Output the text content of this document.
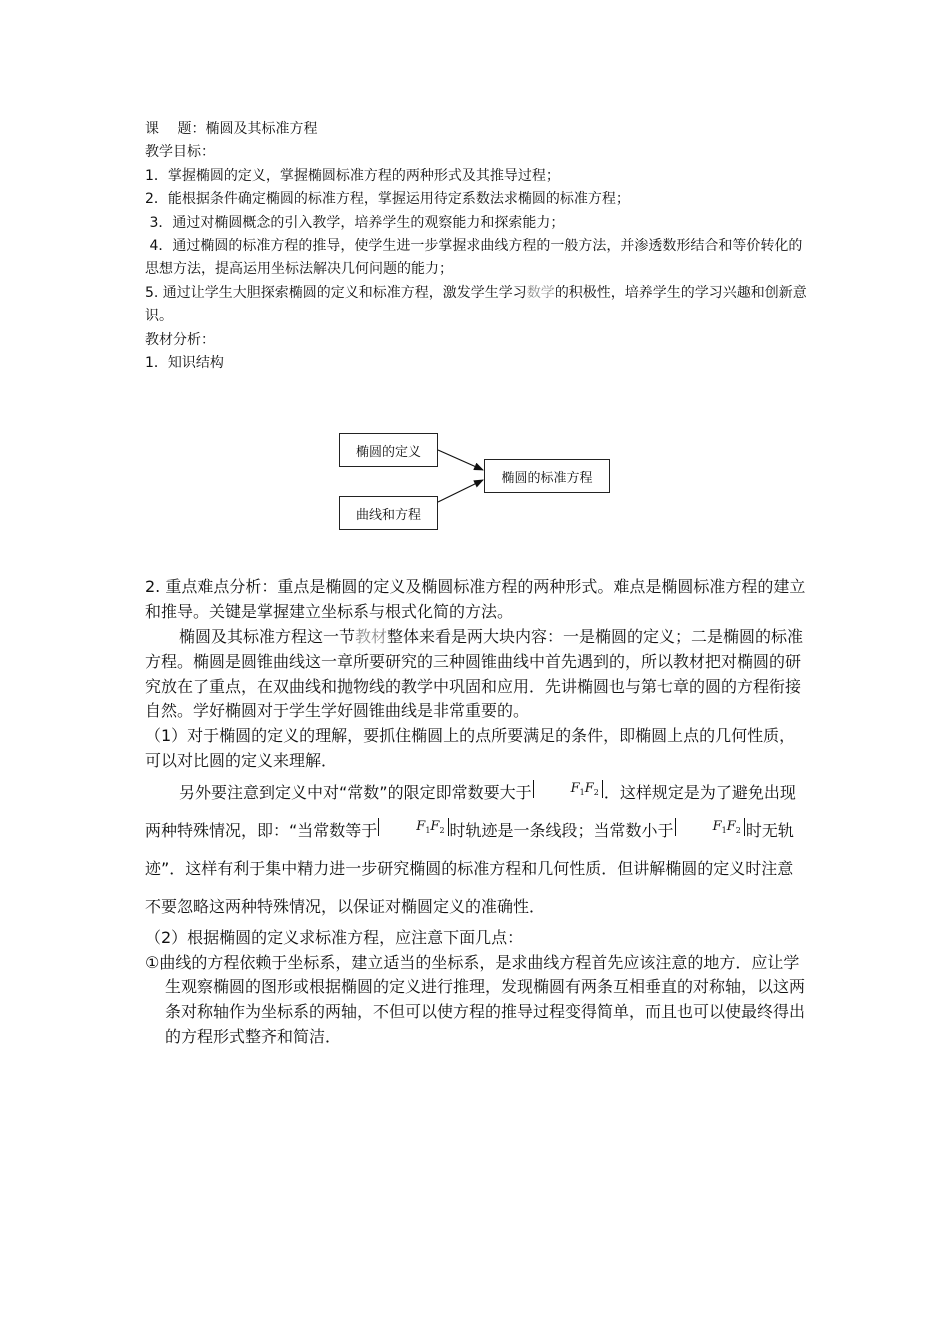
课　 题：椭圆及其标准方程

教学目标：

1．掌握椭圆的定义，掌握椭圆标准方程的两种形式及其推导过程；

2．能根据条件确定椭圆的标准方程，掌握运用待定系数法求椭圆的标准方程；

3．通过对椭圆概念的引入教学，培养学生的观察能力和探索能力；

4．通过椭圆的标准方程的推导，使学生进一步掌握求曲线方程的一般方法，并渗透数形结合和等价转化的思想方法，提高运用坐标法解决几何问题的能力；

5. 通过让学生大胆探索椭圆的定义和标准方程，激发学生学习数学的积极性，培养学生的学习兴趣和创新意识。

教材分析：

1．知识结构

椭圆的定义
曲线和方程
椭圆的标准方程

2. 重点难点分析：重点是椭圆的定义及椭圆标准方程的两种形式。难点是椭圆标准方程的建立和推导。关键是掌握建立坐标系与根式化简的方法。

椭圆及其标准方程这一节教材整体来看是两大块内容：一是椭圆的定义；二是椭圆的标准方程。椭圆是圆锥曲线这一章所要研究的三种圆锥曲线中首先遇到的，所以教材把对椭圆的研究放在了重点，在双曲线和抛物线的教学中巩固和应用．先讲椭圆也与第七章的圆的方程衔接自然。学好椭圆对于学生学好圆锥曲线是非常重要的。

（1）对于椭圆的定义的理解，要抓住椭圆上的点所要满足的条件，即椭圆上点的几何性质，可以对比圆的定义来理解．

另外要注意到定义中对“常数”的限定即常数要大于	$F_1F_2$ ．这样规定是为了避免出现两种特殊情况，即：“当常数等于	$F_1F_2$ 时轨迹是一条线段；当常数小于	$F_1F_2$ 时无轨迹”．这样有利于集中精力进一步研究椭圆的标准方程和几何性质．但讲解椭圆的定义时注意不要忽略这两种特殊情况，以保证对椭圆定义的准确性．

（2）根据椭圆的定义求标准方程，应注意下面几点：

①曲线的方程依赖于坐标系，建立适当的坐标系，是求曲线方程首先应该注意的地方．应让学生观察椭圆的图形或根据椭圆的定义进行推理，发现椭圆有两条互相垂直的对称轴，以这两条对称轴作为坐标系的两轴，不但可以使方程的推导过程变得简单，而且也可以使最终得出的方程形式整齐和简洁．
